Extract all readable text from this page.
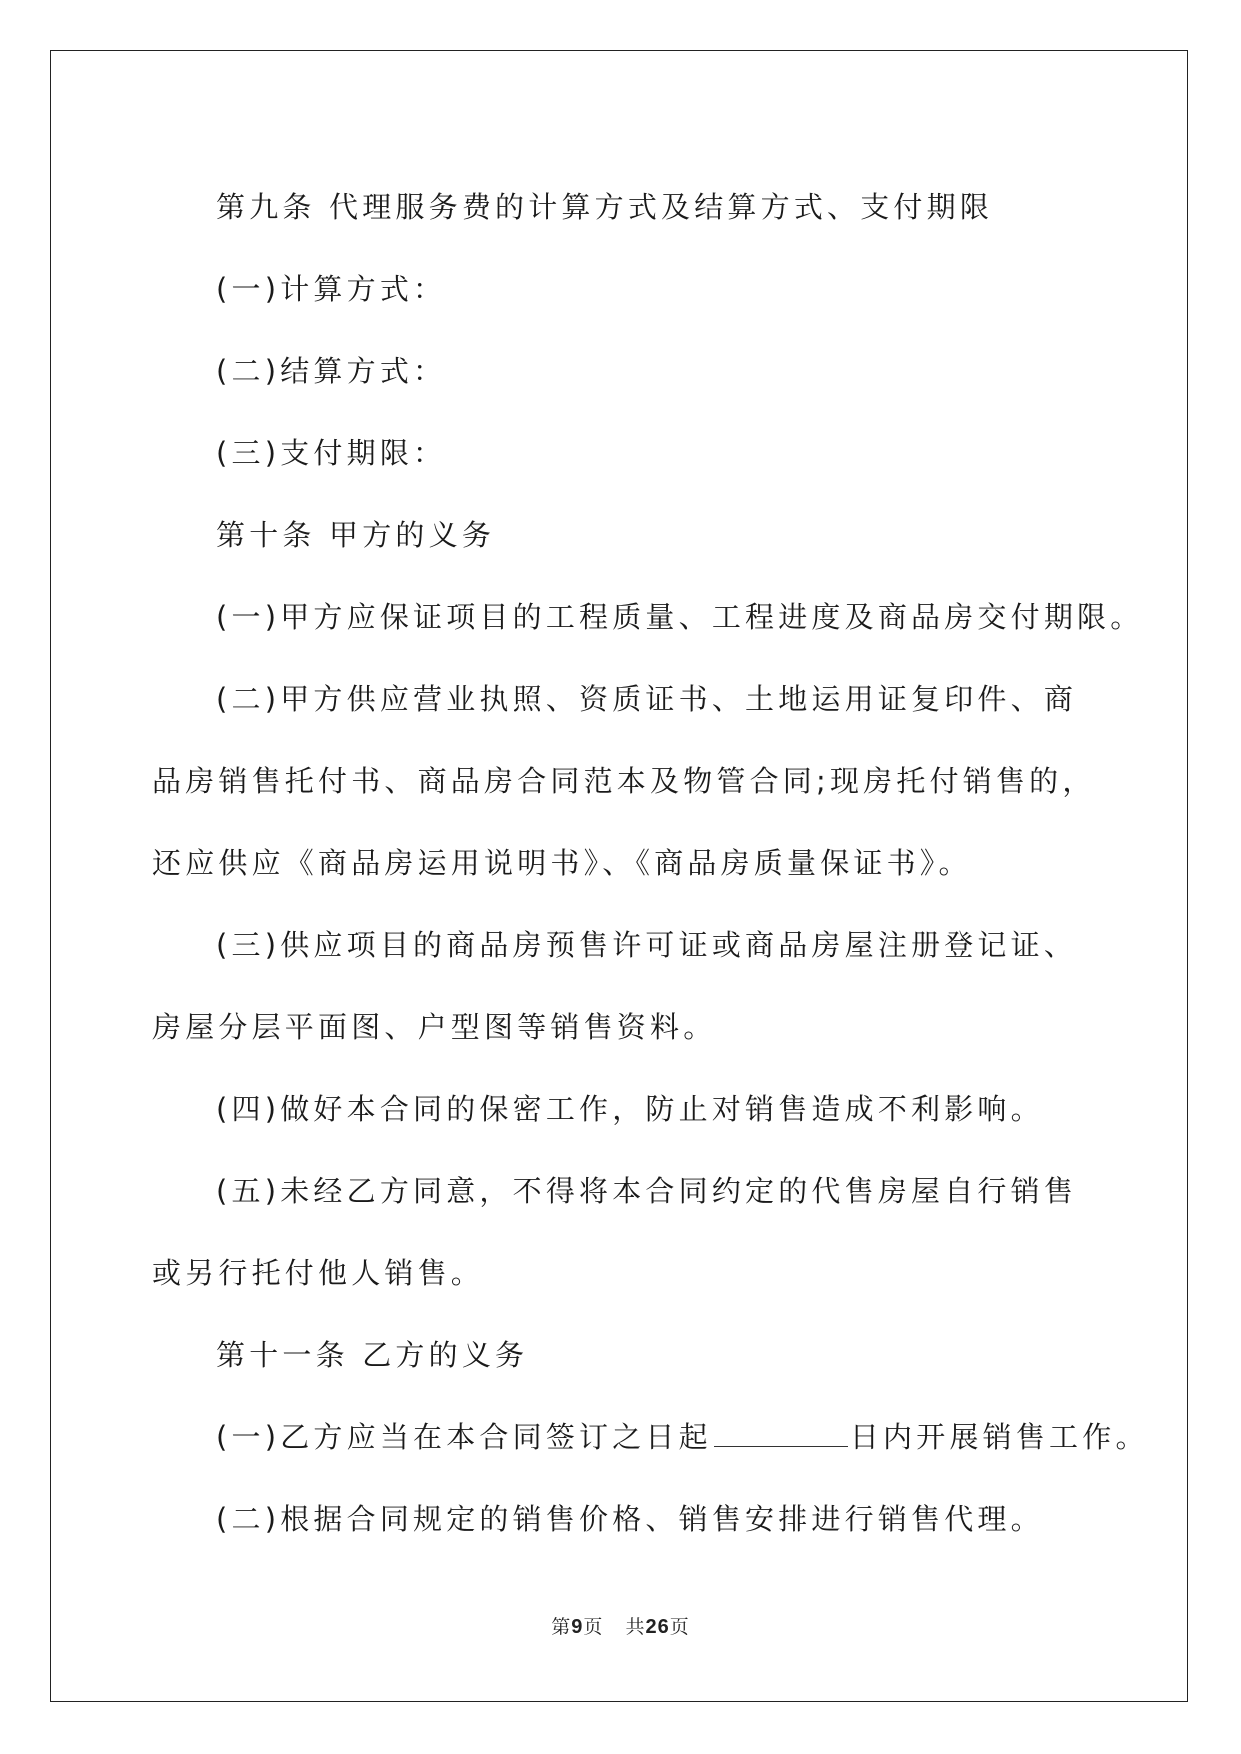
第九条 代理服务费的计算方式及结算方式、支付期限

(一)计算方式：

(二)结算方式：

(三)支付期限：

第十条 甲方的义务

(一)甲方应保证项目的工程质量、工程进度及商品房交付期限。

(二)甲方供应营业执照、资质证书、土地运用证复印件、商品房销售托付书、商品房合同范本及物管合同;现房托付销售的，还应供应《商品房运用说明书》、《商品房质量保证书》。

(三)供应项目的商品房预售许可证或商品房屋注册登记证、房屋分层平面图、户型图等销售资料。

(四)做好本合同的保密工作，防止对销售造成不利影响。

(五)未经乙方同意，不得将本合同约定的代售房屋自行销售或另行托付他人销售。

第十一条 乙方的义务

(一)乙方应当在本合同签订之日起	日内开展销售工作。

(二)根据合同规定的销售价格、销售安排进行销售代理。

第9页 共26页
